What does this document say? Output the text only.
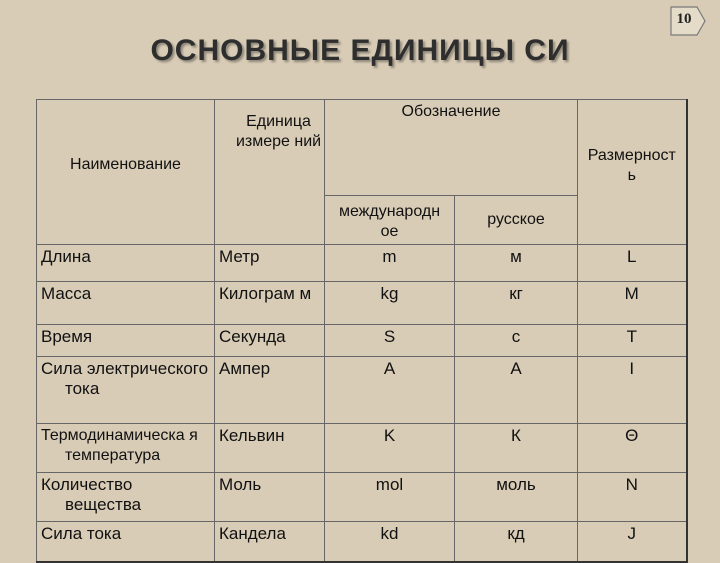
10
ОСНОВНЫЕ ЕДИНИЦЫ СИ
Наименование	Единица измере ний	Обозначение		Размерност ь
		международн ое	русское	
Длина	Метр	m	м	L
Масса	Килограм м	kg	кг	M
Время	Секунда	S	с	T
Сила электрического тока	Ампер	A	А	I
Термодинамическа я температура	Кельвин	K	К	Θ
Количество вещества	Моль	mol	моль	N
Сила тока	Кандела	kd	кд	J
